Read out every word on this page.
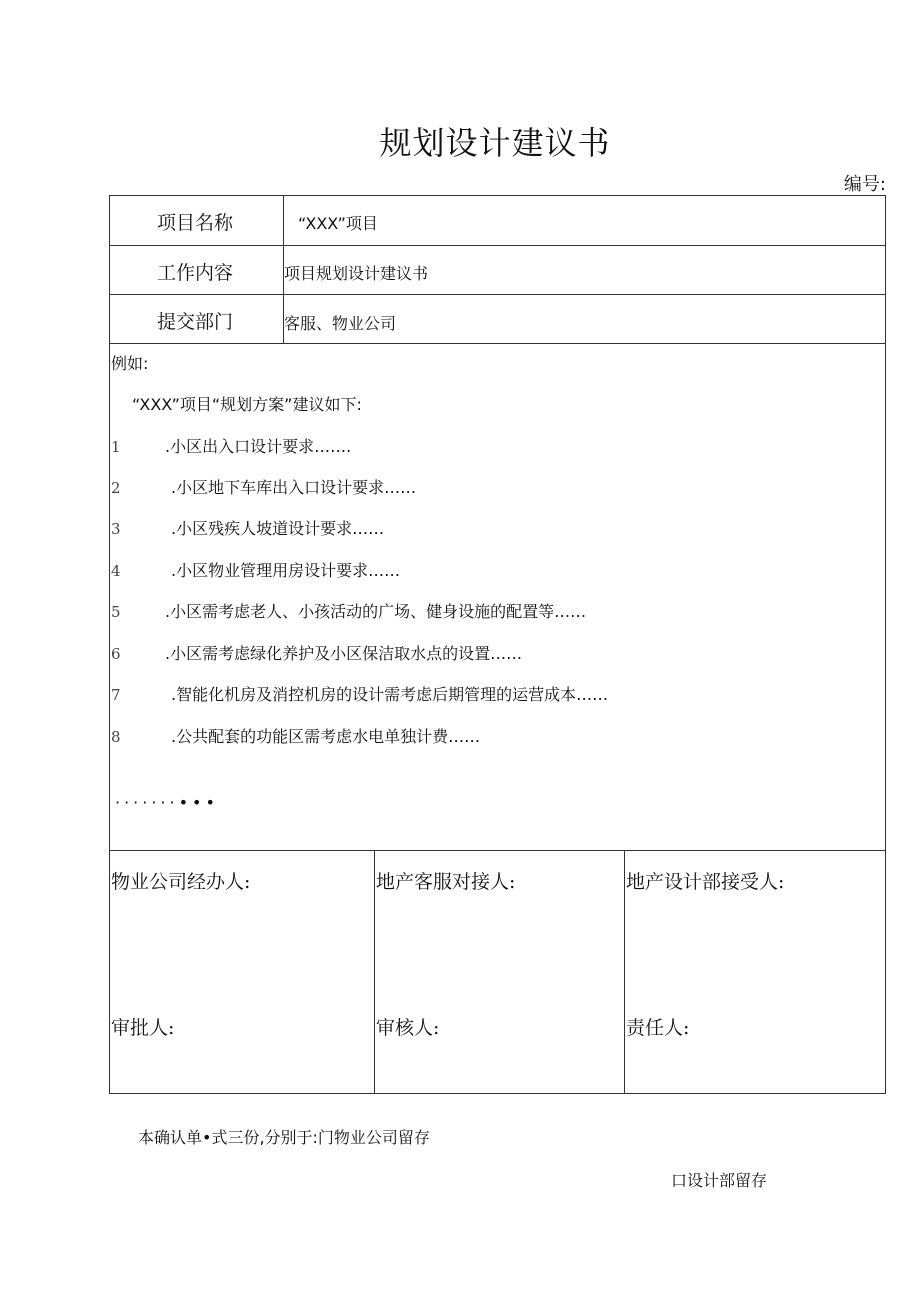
规划设计建议书
编号:
项目名称	“XXX”项目
工作内容	项目规划设计建议书
提交部门	客服、物业公司
例如:
“XXX”项目“规划方案”建议如下:
1	.小区出入口设计要求…….
2	.小区地下车库出入口设计要求……
3	.小区残疾人坡道设计要求……
4	.小区物业管理用房设计要求……
5	.小区需考虑老人、小孩活动的广场、健身设施的配置等……
6	.小区需考虑绿化养护及小区保洁取水点的设置……
7	.智能化机房及消控机房的设计需考虑后期管理的运营成本……
8	.公共配套的功能区需考虑水电单独计费……
·······•••
物业公司经办人:	地产客服对接人:	地产设计部接受人:
审批人:	审核人:	责任人:
本确认单•式三份,分别于:门物业公司留存
口设计部留存
